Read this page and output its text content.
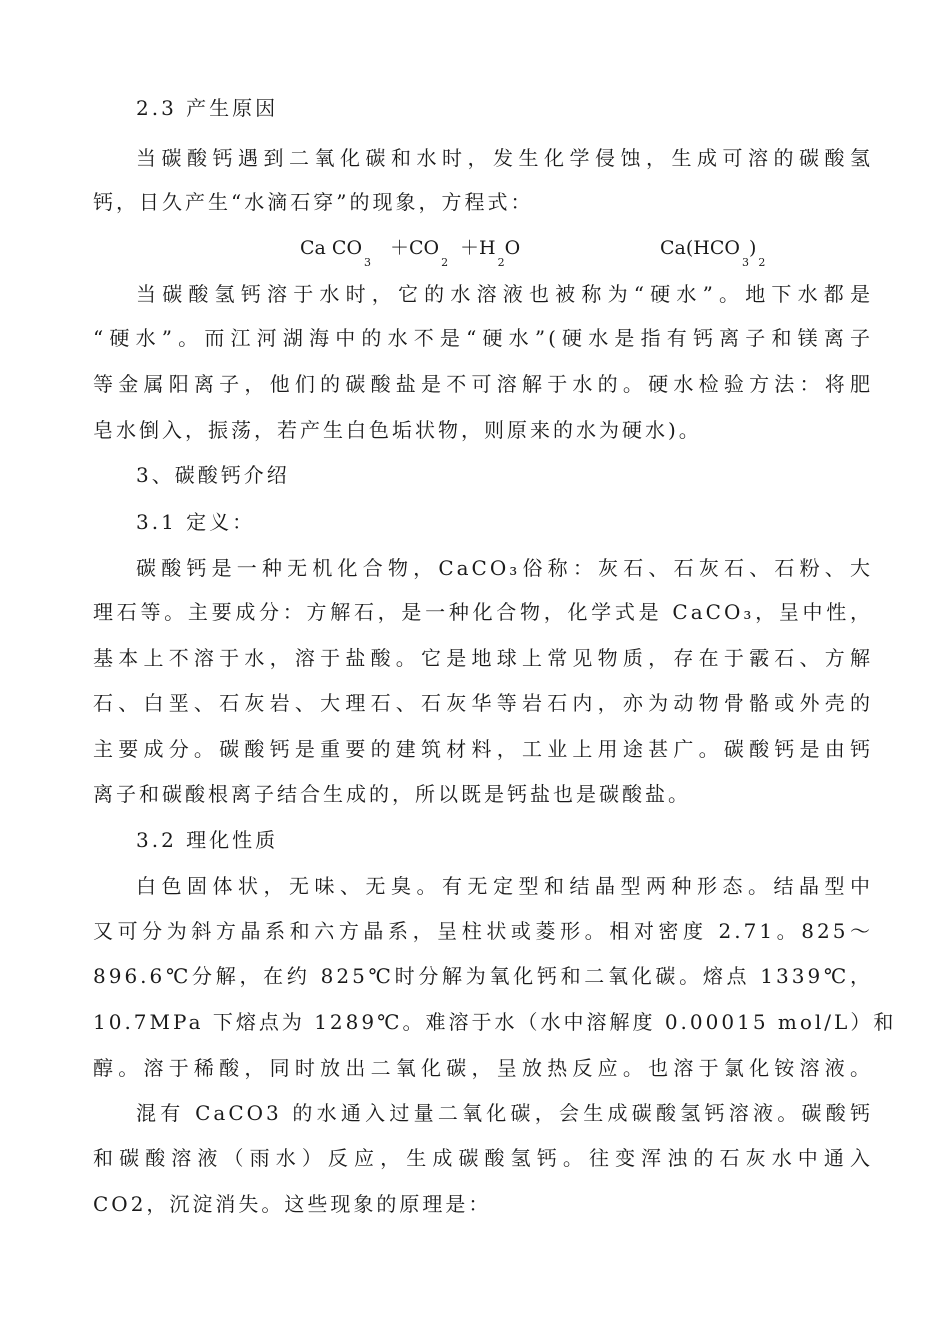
2.3 产生原因
当碳酸钙遇到二氧化碳和水时，发生化学侵蚀，生成可溶的碳酸氢
钙，日久产生“水滴石穿”的现象，方程式：
Ca $CO_3$
$+CO_2$
$+H_2O$	$Ca(HCO_3)_2$
当碳酸氢钙溶于水时，它的水溶液也被称为“硬水”。地下水都是
“硬水”。而江河湖海中的水不是“硬水”(硬水是指有钙离子和镁离子
等金属阳离子，他们的碳酸盐是不可溶解于水的。硬水检验方法：将肥
皂水倒入，振荡，若产生白色垢状物，则原来的水为硬水)。
3、碳酸钙介绍
3.1 定义：
碳酸钙是一种无机化合物，CaCO₃俗称：灰石、石灰石、石粉、大
理石等。主要成分：方解石，是一种化合物，化学式是 CaCO₃，呈中性，
基本上不溶于水，溶于盐酸。它是地球上常见物质，存在于霰石、方解
石、白垩、石灰岩、大理石、石灰华等岩石内，亦为动物骨骼或外壳的
主要成分。碳酸钙是重要的建筑材料，工业上用途甚广。碳酸钙是由钙
离子和碳酸根离子结合生成的，所以既是钙盐也是碳酸盐。
3.2 理化性质
白色固体状，无味、无臭。有无定型和结晶型两种形态。结晶型中
又可分为斜方晶系和六方晶系，呈柱状或菱形。相对密度 2.71。825～
896.6℃分解，在约 825℃时分解为氧化钙和二氧化碳。熔点 1339℃，
10.7MPa 下熔点为 1289℃。难溶于水（水中溶解度 0.00015 mol/L）和
醇。溶于稀酸，同时放出二氧化碳，呈放热反应。也溶于氯化铵溶液。
混有 CaCO3 的水通入过量二氧化碳，会生成碳酸氢钙溶液。碳酸钙
和碳酸溶液（雨水）反应，生成碳酸氢钙。往变浑浊的石灰水中通入
CO2，沉淀消失。这些现象的原理是：
